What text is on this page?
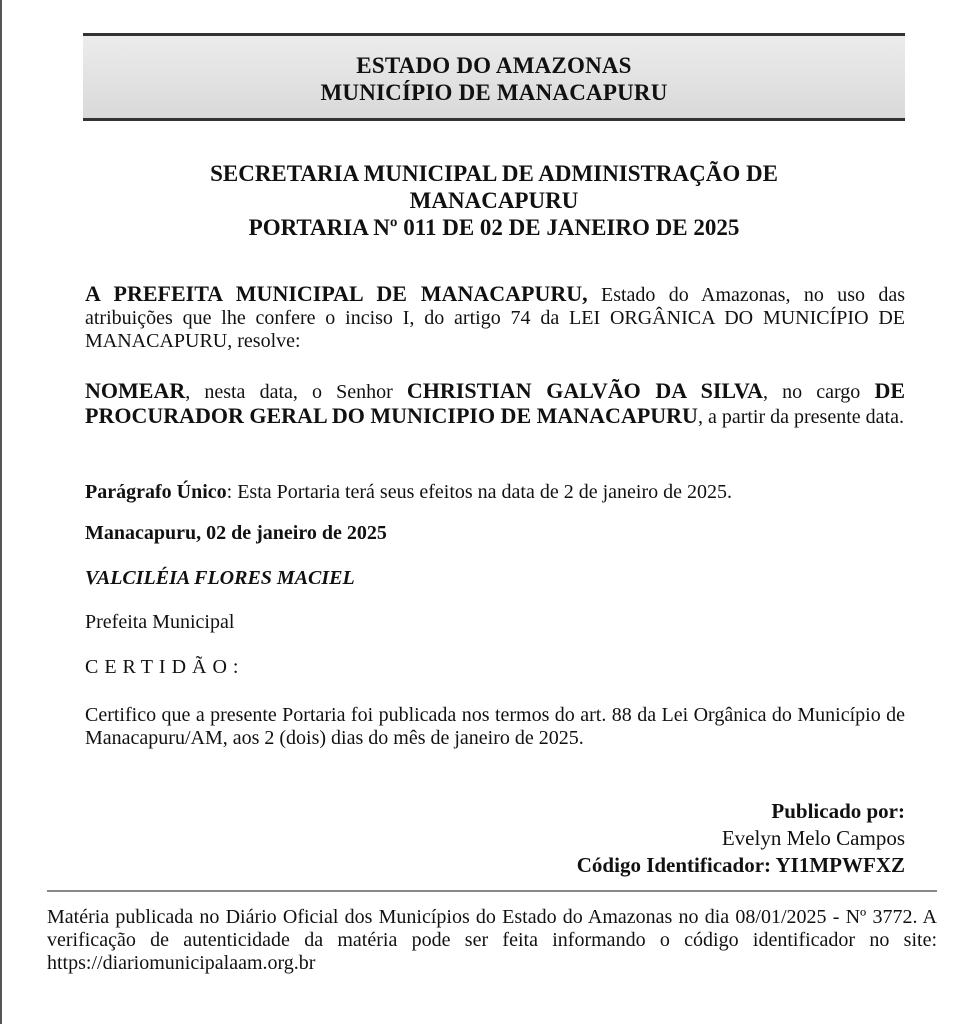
ESTADO DO AMAZONAS
MUNICÍPIO DE MANACAPURU
SECRETARIA MUNICIPAL DE ADMINISTRAÇÃO DE
MANACAPURU
PORTARIA Nº 011 DE 02 DE JANEIRO DE 2025
A PREFEITA MUNICIPAL DE MANACAPURU, Estado do Amazonas, no uso das atribuições que lhe confere o inciso I, do artigo 74 da LEI ORGÂNICA DO MUNICÍPIO DE MANACAPURU, resolve:
NOMEAR, nesta data, o Senhor CHRISTIAN GALVÃO DA SILVA, no cargo DE PROCURADOR GERAL DO MUNICIPIO DE MANACAPURU, a partir da presente data.
Parágrafo Único: Esta Portaria terá seus efeitos na data de 2 de janeiro de 2025.
Manacapuru, 02 de janeiro de 2025
VALCILÉIA FLORES MACIEL
Prefeita Municipal
CERTIDÃO:
Certifico que a presente Portaria foi publicada nos termos do art. 88 da Lei Orgânica do Município de Manacapuru/AM, aos 2 (dois) dias do mês de janeiro de 2025.
Publicado por:
Evelyn Melo Campos
Código Identificador: YI1MPWFXZ
Matéria publicada no Diário Oficial dos Municípios do Estado do Amazonas no dia 08/01/2025 - Nº 3772. A verificação de autenticidade da matéria pode ser feita informando o código identificador no site: https://diariomunicipalaam.org.br
